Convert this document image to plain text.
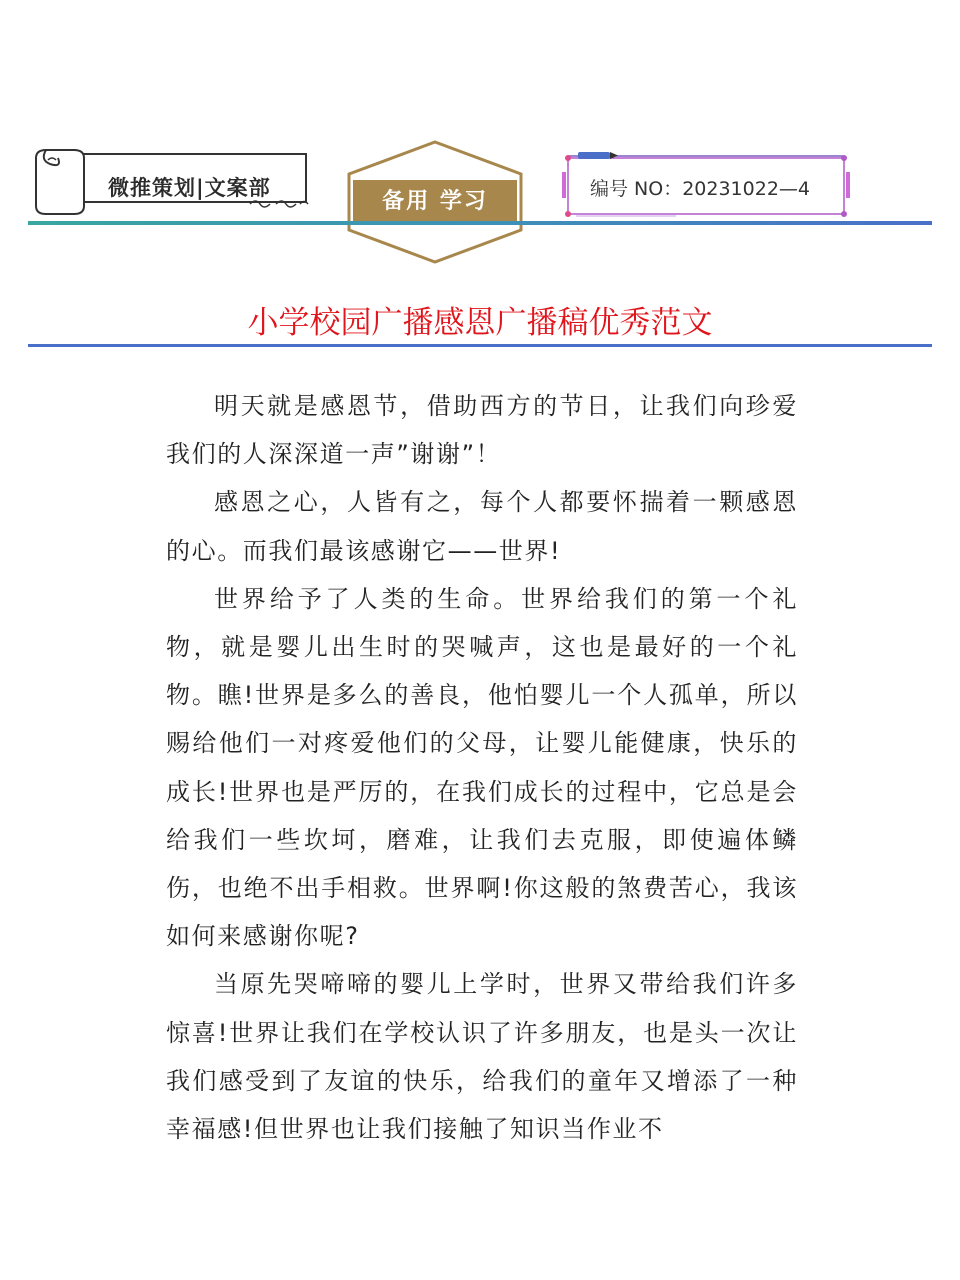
微推策划|文案部
备用 学习	编号 NO：20231022—4
小学校园广播感恩广播稿优秀范文

明天就是感恩节，借助西方的节日，让我们向珍爱我们的人深深道一声”谢谢”！

感恩之心，人皆有之，每个人都要怀揣着一颗感恩的心。而我们最该感谢它——世界!

世界给予了人类的生命。世界给我们的第一个礼物，就是婴儿出生时的哭喊声，这也是最好的一个礼物。瞧!世界是多么的善良，他怕婴儿一个人孤单，所以赐给他们一对疼爱他们的父母，让婴儿能健康，快乐的成长!世界也是严厉的，在我们成长的过程中，它总是会给我们一些坎坷，磨难，让我们去克服，即使遍体鳞伤，也绝不出手相救。世界啊!你这般的煞费苦心，我该如何来感谢你呢?

当原先哭啼啼的婴儿上学时，世界又带给我们许多惊喜!世界让我们在学校认识了许多朋友，也是头一次让我们感受到了友谊的快乐，给我们的童年又增添了一种幸福感!但世界也让我们接触了知识当作业不
